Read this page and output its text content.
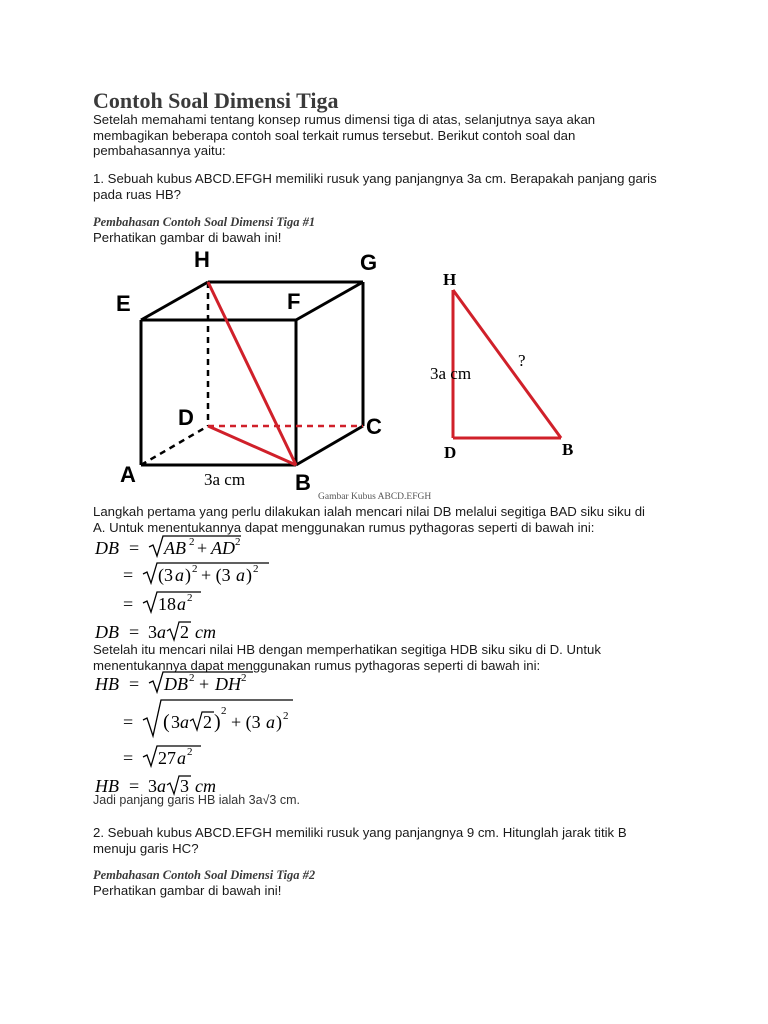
Contoh Soal Dimensi Tiga
Setelah memahami tentang konsep rumus dimensi tiga di atas, selanjutnya saya akan
membagikan beberapa contoh soal terkait rumus tersebut. Berikut contoh soal dan
pembahasannya yaitu:
1. Sebuah kubus ABCD.EFGH memiliki rusuk yang panjangnya 3a cm. Berapakah panjang garis
pada ruas HB?
Pembahasan Contoh Soal Dimensi Tiga #1
Perhatikan gambar di bawah ini!
H	G
E	F
D	C
A	B
3a cm
H
D	B
3a cm
?
Gambar Kubus ABCD.EFGH
Langkah pertama yang perlu dilakukan ialah mencari nilai DB melalui segitiga BAD siku siku di
A. Untuk menentukannya dapat menggunakan rumus pythagoras seperti di bawah ini:
DB = AB 2 + AD 2
= (3 a ) 2 + (3 a ) 2
= 18 a 2
DB = 3 a 2 cm
Setelah itu mencari nilai HB dengan memperhatikan segitiga HDB siku siku di D. Untuk
menentukannya dapat menggunakan rumus pythagoras seperti di bawah ini:
HB = DB 2 + DH 2
= ( 3 a 2 ) 2
+ (3 a ) 2
= 27 a 2
HB = 3 a 3 cm
Jadi panjang garis HB ialah 3a√3 cm.
2. Sebuah kubus ABCD.EFGH memiliki rusuk yang panjangnya 9 cm. Hitunglah jarak titik B
menuju garis HC?
Pembahasan Contoh Soal Dimensi Tiga #2
Perhatikan gambar di bawah ini!
